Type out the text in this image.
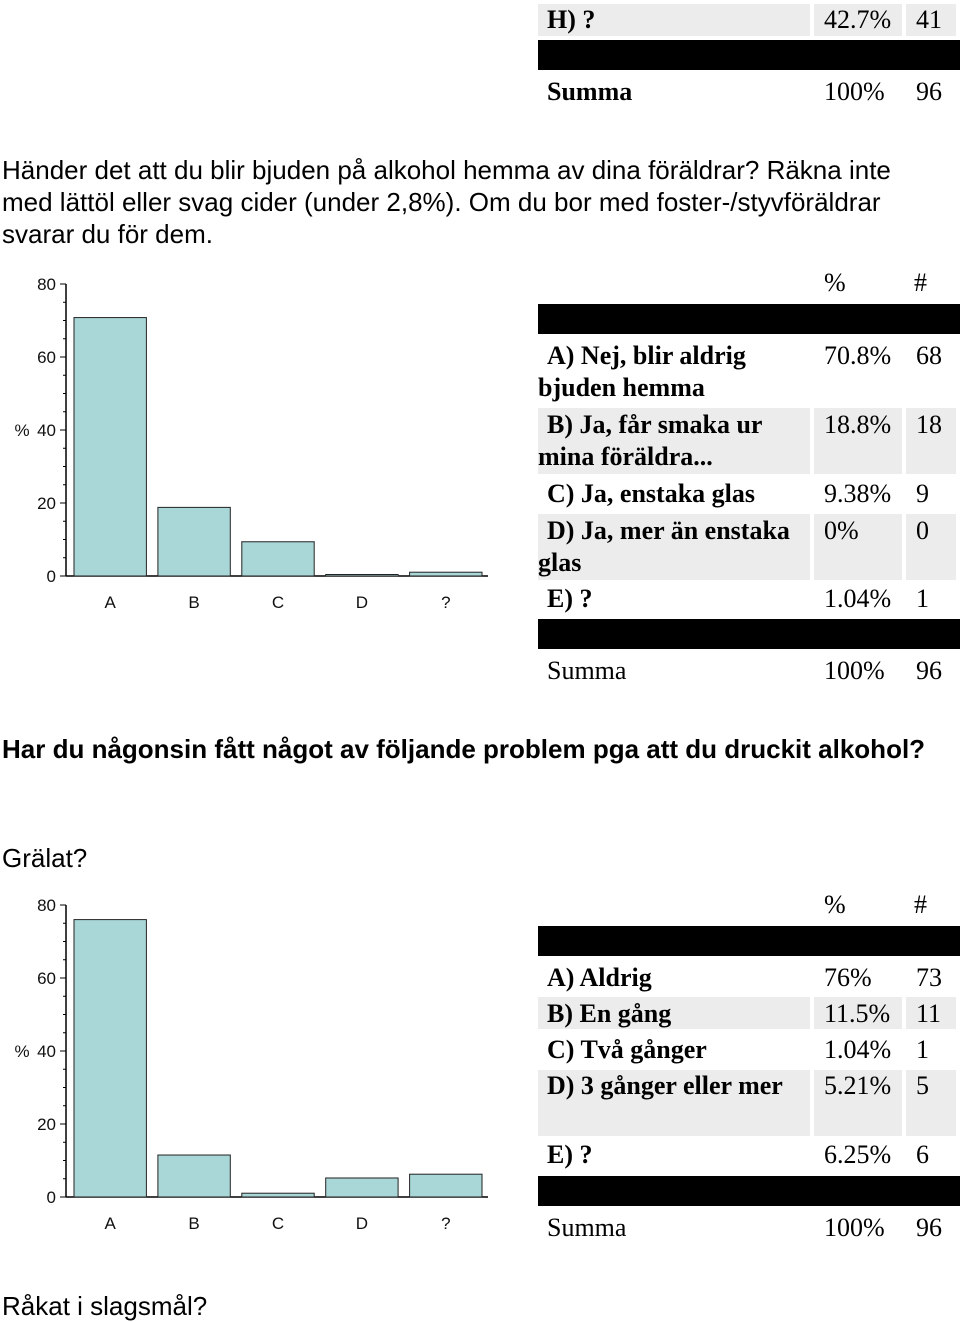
H) ?	42.7% 41
Summa	100%	96
Händer det att du blir bjuden på alkohol hemma av dina föräldrar? Räkna inte med lättöl eller svag cider (under 2,8%). Om du bor med foster-/styvföräldrar svarar du för dem.
0
20
40
60
80
%
A	B	C	D	?
%	#
A) Nej, blir aldrig bjuden hemma
70.8% 68
B) Ja, får smaka ur mina föräldra...
18.8% 18
C) Ja, enstaka glas	9.38% 9
D) Ja, mer än enstaka glas
0%	0
E) ?	1.04% 1
Summa	100%	96
Har du någonsin fått något av följande problem pga att du druckit alkohol?
Grälat?
0
20
40
60
80
%
A	B	C	D	?
%	#
A) Aldrig	76%	73
B) En gång	11.5% 11
C) Två gånger	1.04% 1
D) 3 gånger eller mer 5.21% 5
E) ?	6.25% 6
Summa	100%	96
Råkat i slagsmål?
